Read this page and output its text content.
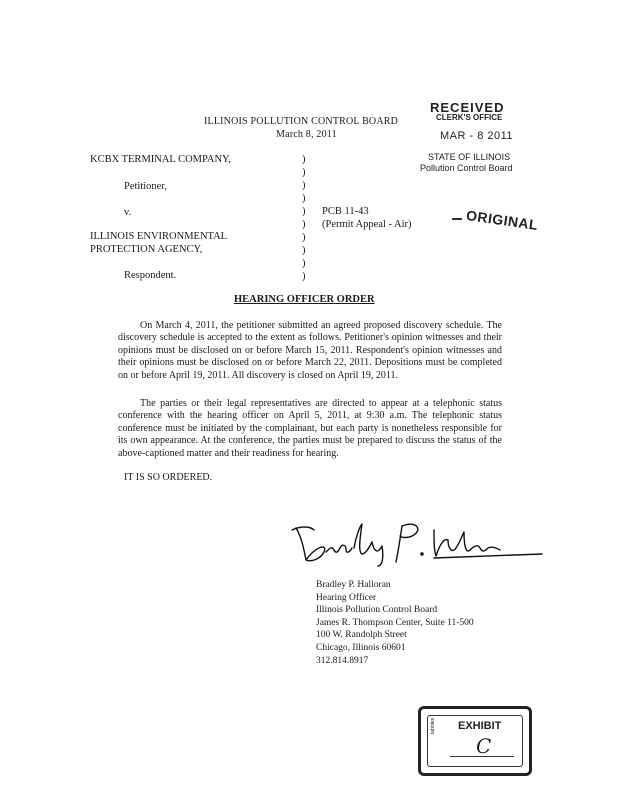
ILLINOIS POLLUTION CONTROL BOARD
March 8, 2011
RECEIVED
CLERK'S OFFICE
MAR - 8 2011
STATE OF ILLINOIS
Pollution Control Board
ORIGINAL
KCBX TERMINAL COMPANY,
Petitioner,
v.
ILLINOIS ENVIRONMENTAL
PROTECTION AGENCY,
Respondent.
)
)
)
)
)
)
)
)
)
)
PCB 11-43
(Permit Appeal - Air)
HEARING OFFICER ORDER
On March 4, 2011, the petitioner submitted an agreed proposed discovery schedule. The discovery schedule is accepted to the extent as follows. Petitioner's opinion witnesses and their opinions must be disclosed on or before March 15, 2011. Respondent's opinion witnesses and their opinions must be disclosed on or before March 22, 2011. Depositions must be completed on or before April 19, 2011. All discovery is closed on April 19, 2011.
The parties or their legal representatives are directed to appear at a telephonic status conference with the hearing officer on April 5, 2011, at 9:30 a.m. The telephonic status conference must be initiated by the complainant, but each party is nonetheless responsible for its own appearance. At the conference, the parties must be prepared to discuss the status of the above-captioned matter and their readiness for hearing.
IT IS SO ORDERED.
Bradley P. Halloran
Hearing Officer
Illinois Pollution Control Board
James R. Thompson Center, Suite 11-500
100 W. Randolph Street
Chicago, Illinois 60601
312.814.8917
tabbles EXHIBIT
C
